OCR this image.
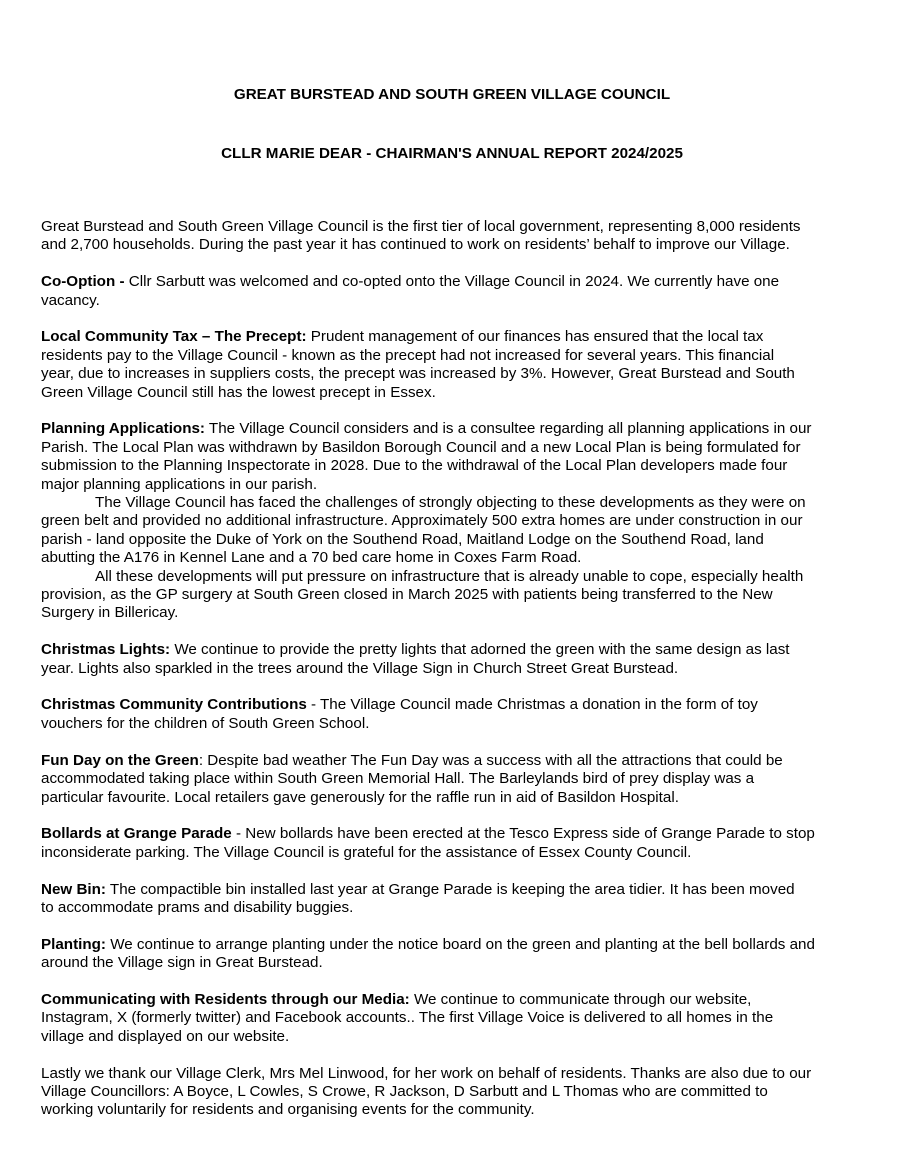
GREAT BURSTEAD AND SOUTH GREEN VILLAGE COUNCIL
CLLR MARIE DEAR - CHAIRMAN'S ANNUAL REPORT 2024/2025

Great Burstead and South Green Village Council is the first tier of local government, representing 8,000 residents
and 2,700 households. During the past year it has continued to work on residents’ behalf to improve our Village.

Co-Option - Cllr Sarbutt was welcomed and co-opted onto the Village Council in 2024. We currently have one
vacancy.

Local Community Tax – The Precept: Prudent management of our finances has ensured that the local tax
residents pay to the Village Council - known as the precept had not increased for several years. This financial
year, due to increases in suppliers costs, the precept was increased by 3%. However, Great Burstead and South
Green Village Council still has the lowest precept in Essex.

Planning Applications: The Village Council considers and is a consultee regarding all planning applications in our
Parish. The Local Plan was withdrawn by Basildon Borough Council and a new Local Plan is being formulated for
submission to the Planning Inspectorate in 2028. Due to the withdrawal of the Local Plan developers made four
major planning applications in our parish.
The Village Council has faced the challenges of strongly objecting to these developments as they were on
green belt and provided no additional infrastructure. Approximately 500 extra homes are under construction in our
parish - land opposite the Duke of York on the Southend Road, Maitland Lodge on the Southend Road, land
abutting the A176 in Kennel Lane and a 70 bed care home in Coxes Farm Road.
All these developments will put pressure on infrastructure that is already unable to cope, especially health
provision, as the GP surgery at South Green closed in March 2025 with patients being transferred to the New
Surgery in Billericay.

Christmas Lights: We continue to provide the pretty lights that adorned the green with the same design as last
year. Lights also sparkled in the trees around the Village Sign in Church Street Great Burstead.

Christmas Community Contributions - The Village Council made Christmas a donation in the form of toy
vouchers for the children of South Green School.

Fun Day on the Green: Despite bad weather The Fun Day was a success with all the attractions that could be
accommodated taking place within South Green Memorial Hall. The Barleylands bird of prey display was a
particular favourite. Local retailers gave generously for the raffle run in aid of Basildon Hospital.

Bollards at Grange Parade - New bollards have been erected at the Tesco Express side of Grange Parade to stop
inconsiderate parking. The Village Council is grateful for the assistance of Essex County Council.

New Bin: The compactible bin installed last year at Grange Parade is keeping the area tidier. It has been moved
to accommodate prams and disability buggies.

Planting: We continue to arrange planting under the notice board on the green and planting at the bell bollards and
around the Village sign in Great Burstead.

Communicating with Residents through our Media: We continue to communicate through our website,
Instagram, X (formerly twitter) and Facebook accounts.. The first Village Voice is delivered to all homes in the
village and displayed on our website.

Lastly we thank our Village Clerk, Mrs Mel Linwood, for her work on behalf of residents. Thanks are also due to our
Village Councillors: A Boyce, L Cowles, S Crowe, R Jackson, D Sarbutt and L Thomas who are committed to
working voluntarily for residents and organising events for the community.
